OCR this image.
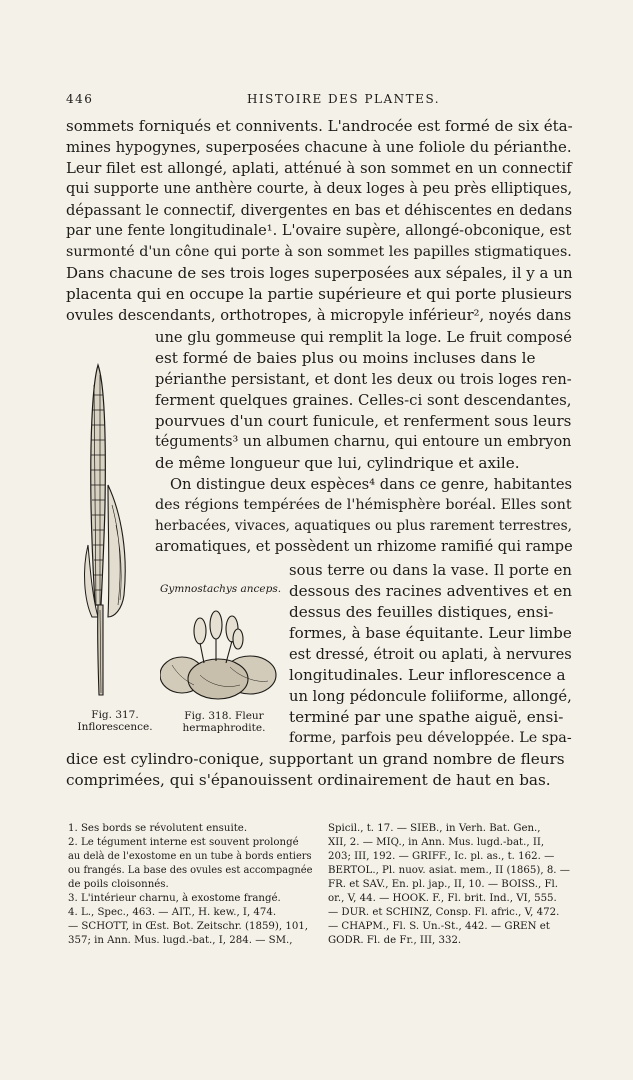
446	HISTOIRE DES PLANTES.
sommets forniqués et connivents. L'androcée est formé de six éta-
mines hypogynes, superposées chacune à une foliole du périanthe.
Leur filet est allongé, aplati, atténué à son sommet en un connectif
qui supporte une anthère courte, à deux loges à peu près elliptiques,
dépassant le connectif, divergentes en bas et déhiscentes en dedans
par une fente longitudinale¹. L'ovaire supère, allongé-obconique, est
surmonté d'un cône qui porte à son sommet les papilles stigmatiques.
Dans chacune de ses trois loges superposées aux sépales, il y a un
placenta qui en occupe la partie supérieure et qui porte plusieurs
ovules descendants, orthotropes, à micropyle inférieur², noyés dans
une glu gommeuse qui remplit la loge. Le fruit composé
est formé de baies plus ou moins incluses dans le
périanthe persistant, et dont les deux ou trois loges ren-
ferment quelques graines. Celles-ci sont descendantes,
pourvues d'un court funicule, et renferment sous leurs
téguments³ un albumen charnu, qui entoure un embryon
de même longueur que lui, cylindrique et axile.
On distingue deux espèces⁴ dans ce genre, habitantes
des régions tempérées de l'hémisphère boréal. Elles sont
herbacées, vivaces, aquatiques ou plus rarement terrestres,
aromatiques, et possèdent un rhizome ramifié qui rampe
sous terre ou dans la vase. Il porte en
dessous des racines adventives et en
dessus des feuilles distiques, ensi-
formes, à base équitante. Leur limbe
est dressé, étroit ou aplati, à nervures
longitudinales. Leur inflorescence a
un long pédoncule foliiforme, allongé,
terminé par une spathe aiguë, ensi-
forme, parfois peu développée. Le spa-
dice est cylindro-conique, supportant un grand nombre de fleurs
comprimées, qui s'épanouissent ordinairement de haut en bas.
Gymnostachys anceps.
Fig. 317.
Inflorescence.
Fig. 318. Fleur
hermaphrodite.
1. Ses bords se révolutent ensuite.
2. Le tégument interne est souvent prolongé
au delà de l'exostome en un tube à bords entiers
ou frangés. La base des ovules est accompagnée
de poils cloisonnés.
3. L'intérieur charnu, à exostome frangé.
4. L., Spec., 463. — AIT., H. kew., I, 474.
— SCHOTT, in Œst. Bot. Zeitschr. (1859), 101,
357; in Ann. Mus. lugd.-bat., I, 284. — SM.,
Spicil., t. 17. — SIEB., in Verh. Bat. Gen.,
XII, 2. — MIQ., in Ann. Mus. lugd.-bat., II,
203; III, 192. — GRIFF., Ic. pl. as., t. 162. —
BERTOL., Pl. nuov. asiat. mem., II (1865), 8. —
FR. et SAV., En. pl. jap., II, 10. — BOISS., Fl.
or., V, 44. — HOOK. F., Fl. brit. Ind., VI, 555.
— DUR. et SCHINZ, Consp. Fl. afric., V, 472.
— CHAPM., Fl. S. Un.-St., 442. — GREN et
GODR. Fl. de Fr., III, 332.
